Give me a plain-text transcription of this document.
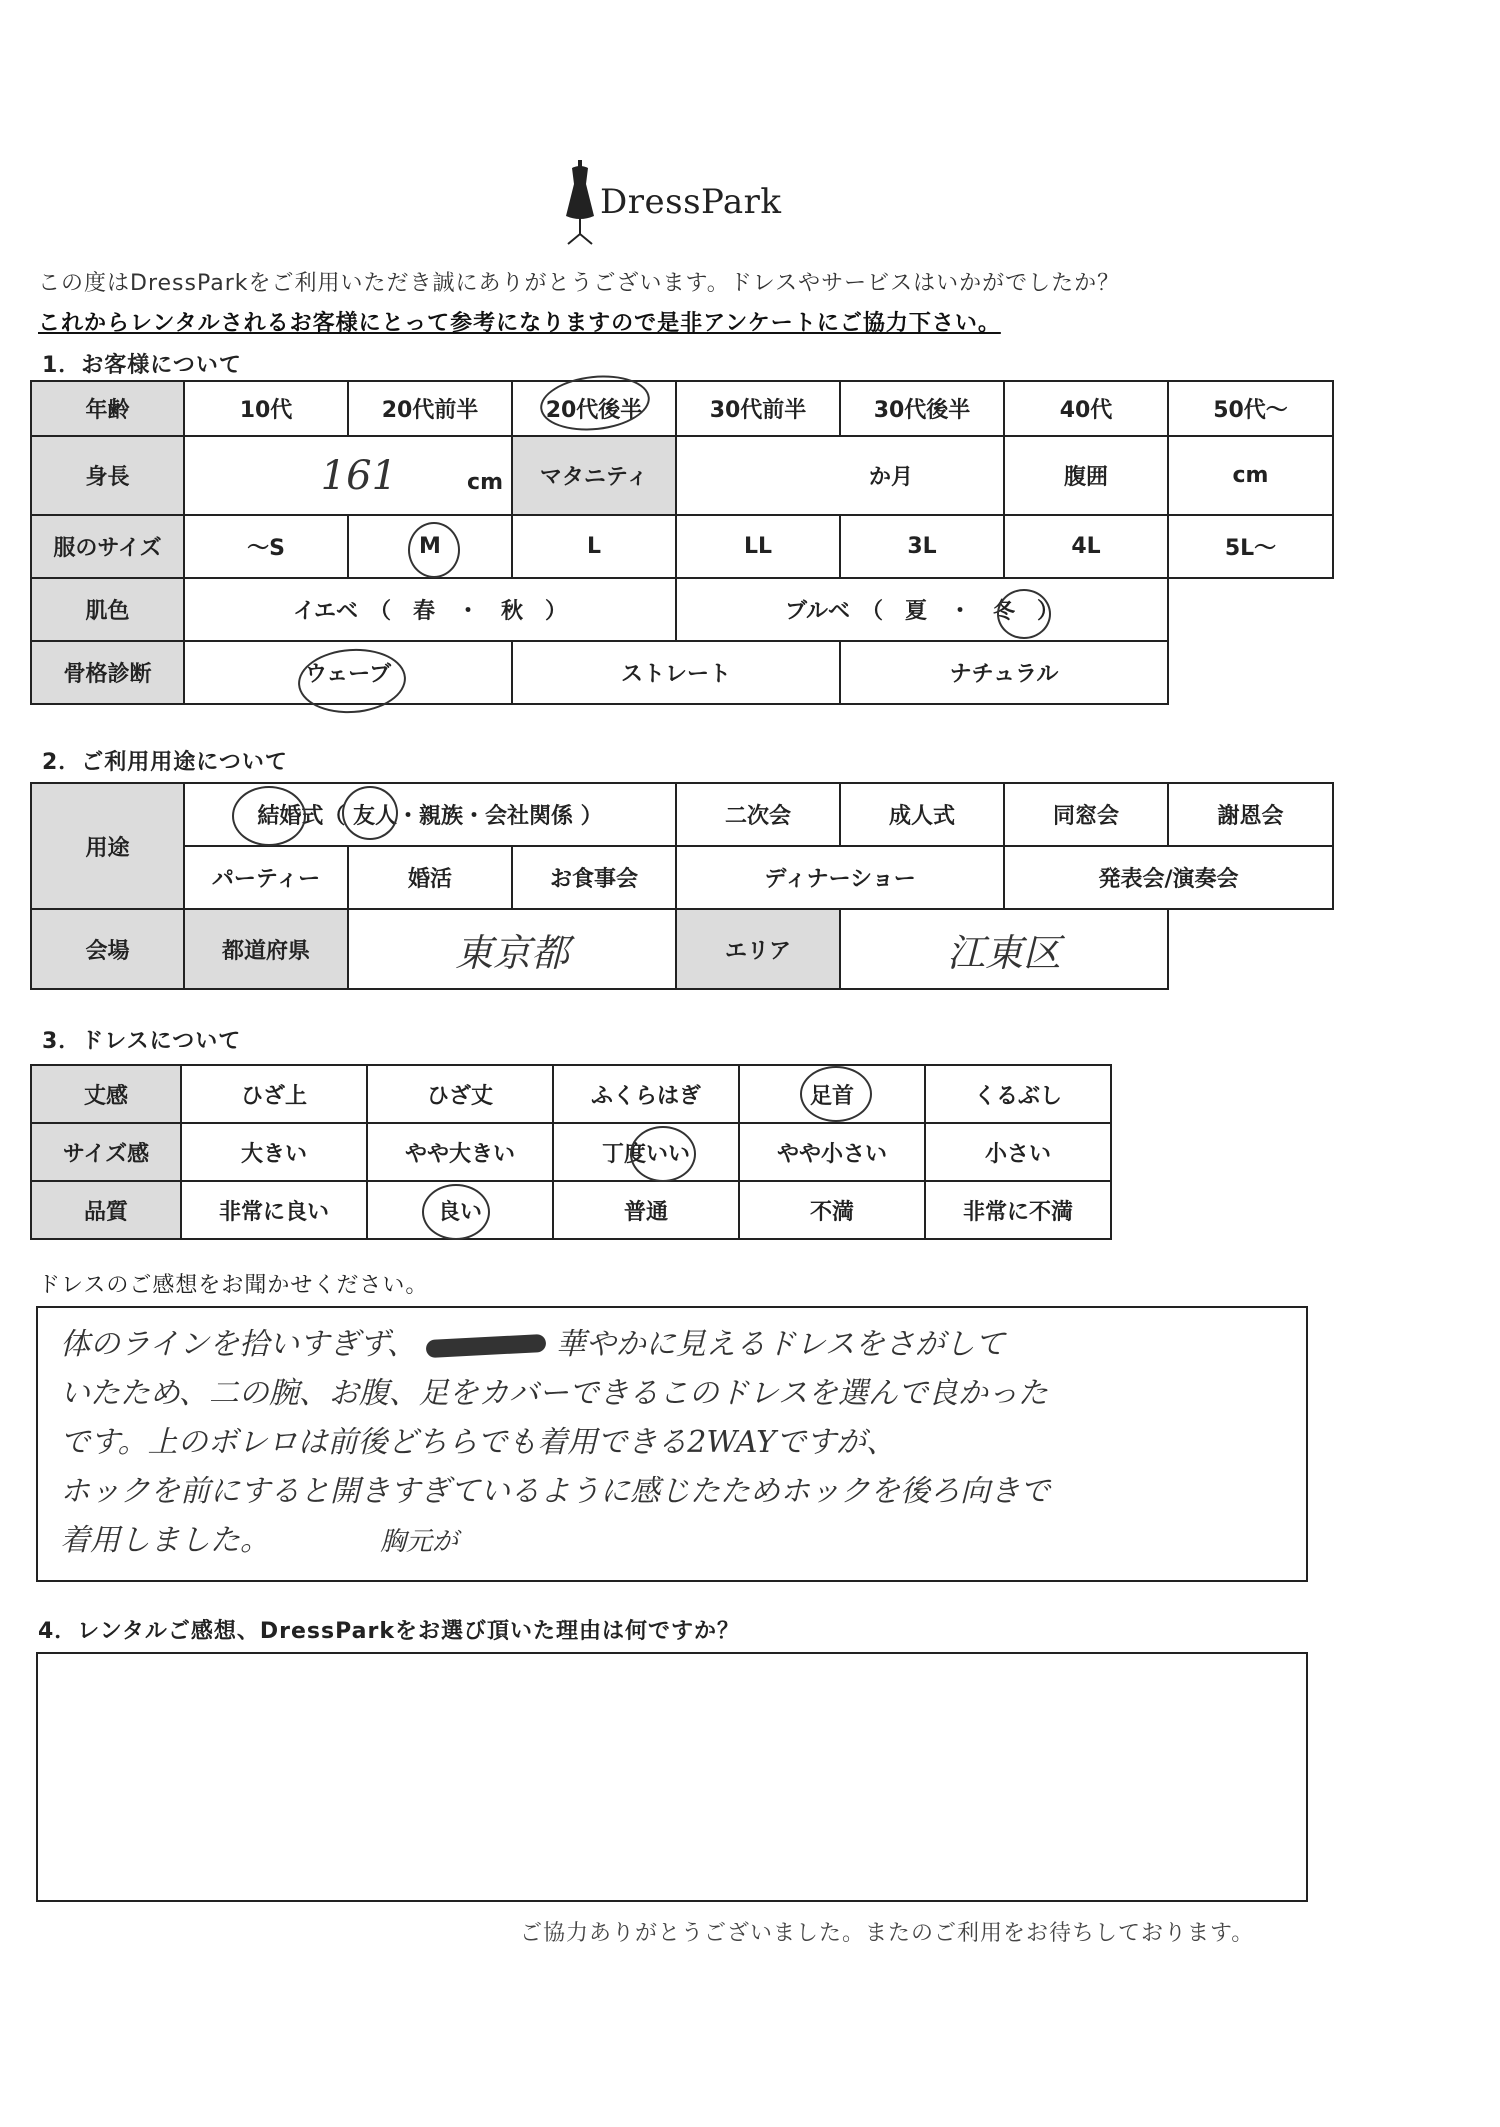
DressPark
この度はDressParkをご利用いただき誠にありがとうございます。ドレスやサービスはいかがでしたか？
これからレンタルされるお客様にとって参考になりますので是非アンケートにご協力下さい。
1．お客様について
年齢	10代	20代前半	20代後半	30代前半	30代後半	40代	50代～
身長	161 cm		マタニティ	か月		腹囲	cm
服のサイズ	～S	M	L	LL	3L	4L	5L～
肌色	イエベ　（　春　・　秋　）			ブルベ　（　夏　・　冬　）			
骨格診断	ウェーブ		ストレート		ナチュラル		
2．ご利用用途について
用途	結婚式（ 友人・親族・会社関係 ）			二次会	成人式	同窓会	謝恩会
	パーティー	婚活	お食事会	ディナーショー		発表会/演奏会	
会場	都道府県	東京都		エリア	江東区		
3．ドレスについて
丈感	ひざ上	ひざ丈	ふくらはぎ	足首	くるぶし
サイズ感	大きい	やや大きい	丁度いい	やや小さい	小さい
品質	非常に良い	良い	普通	不満	非常に不満
ドレスのご感想をお聞かせください。
体のラインを拾いすぎず、	華やかに見えるドレスをさがして
いたため、二の腕、お腹、足をカバーできるこのドレスを選んで良かった
です。上のボレロは前後どちらでも着用できる2WAYですが、
ホックを前にすると開きすぎているように感じたためホックを後ろ向きで
着用しました。	胸元が
4．レンタルご感想、DressParkをお選び頂いた理由は何ですか？
ご協力ありがとうございました。またのご利用をお待ちしております。
